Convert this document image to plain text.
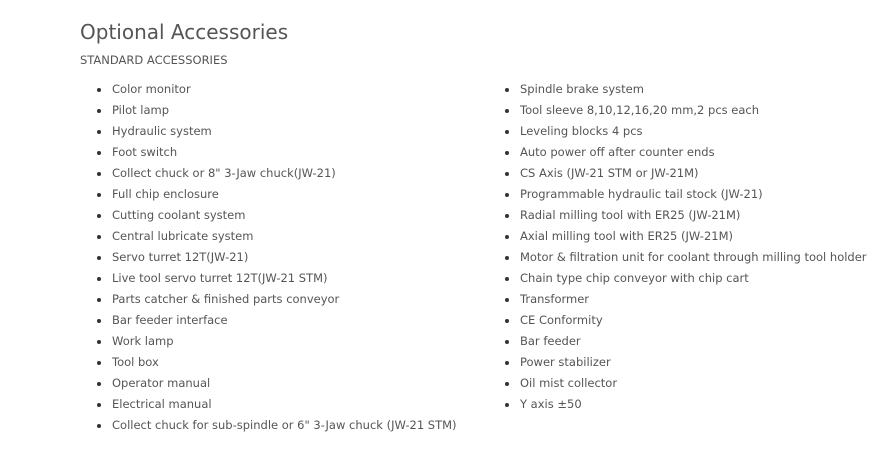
Optional Accessories

STANDARD ACCESSORIES

Color monitor
Pilot lamp
Hydraulic system
Foot switch
Collect chuck or 8" 3-Jaw chuck(JW-21)
Full chip enclosure
Cutting coolant system
Central lubricate system
Servo turret 12T(JW-21)
Live tool servo turret 12T(JW-21 STM)
Parts catcher & finished parts conveyor
Bar feeder interface
Work lamp
Tool box
Operator manual
Electrical manual
Collect chuck for sub-spindle or 6" 3-Jaw chuck (JW-21 STM)
Spindle brake system
Tool sleeve 8,10,12,16,20 mm,2 pcs each
Leveling blocks 4 pcs
Auto power off after counter ends
CS Axis (JW-21 STM or JW-21M)
Programmable hydraulic tail stock (JW-21)
Radial milling tool with ER25 (JW-21M)
Axial milling tool with ER25 (JW-21M)
Motor & filtration unit for coolant through milling tool holder
Chain type chip conveyor with chip cart
Transformer
CE Conformity
Bar feeder
Power stabilizer
Oil mist collector
Y axis ±50
